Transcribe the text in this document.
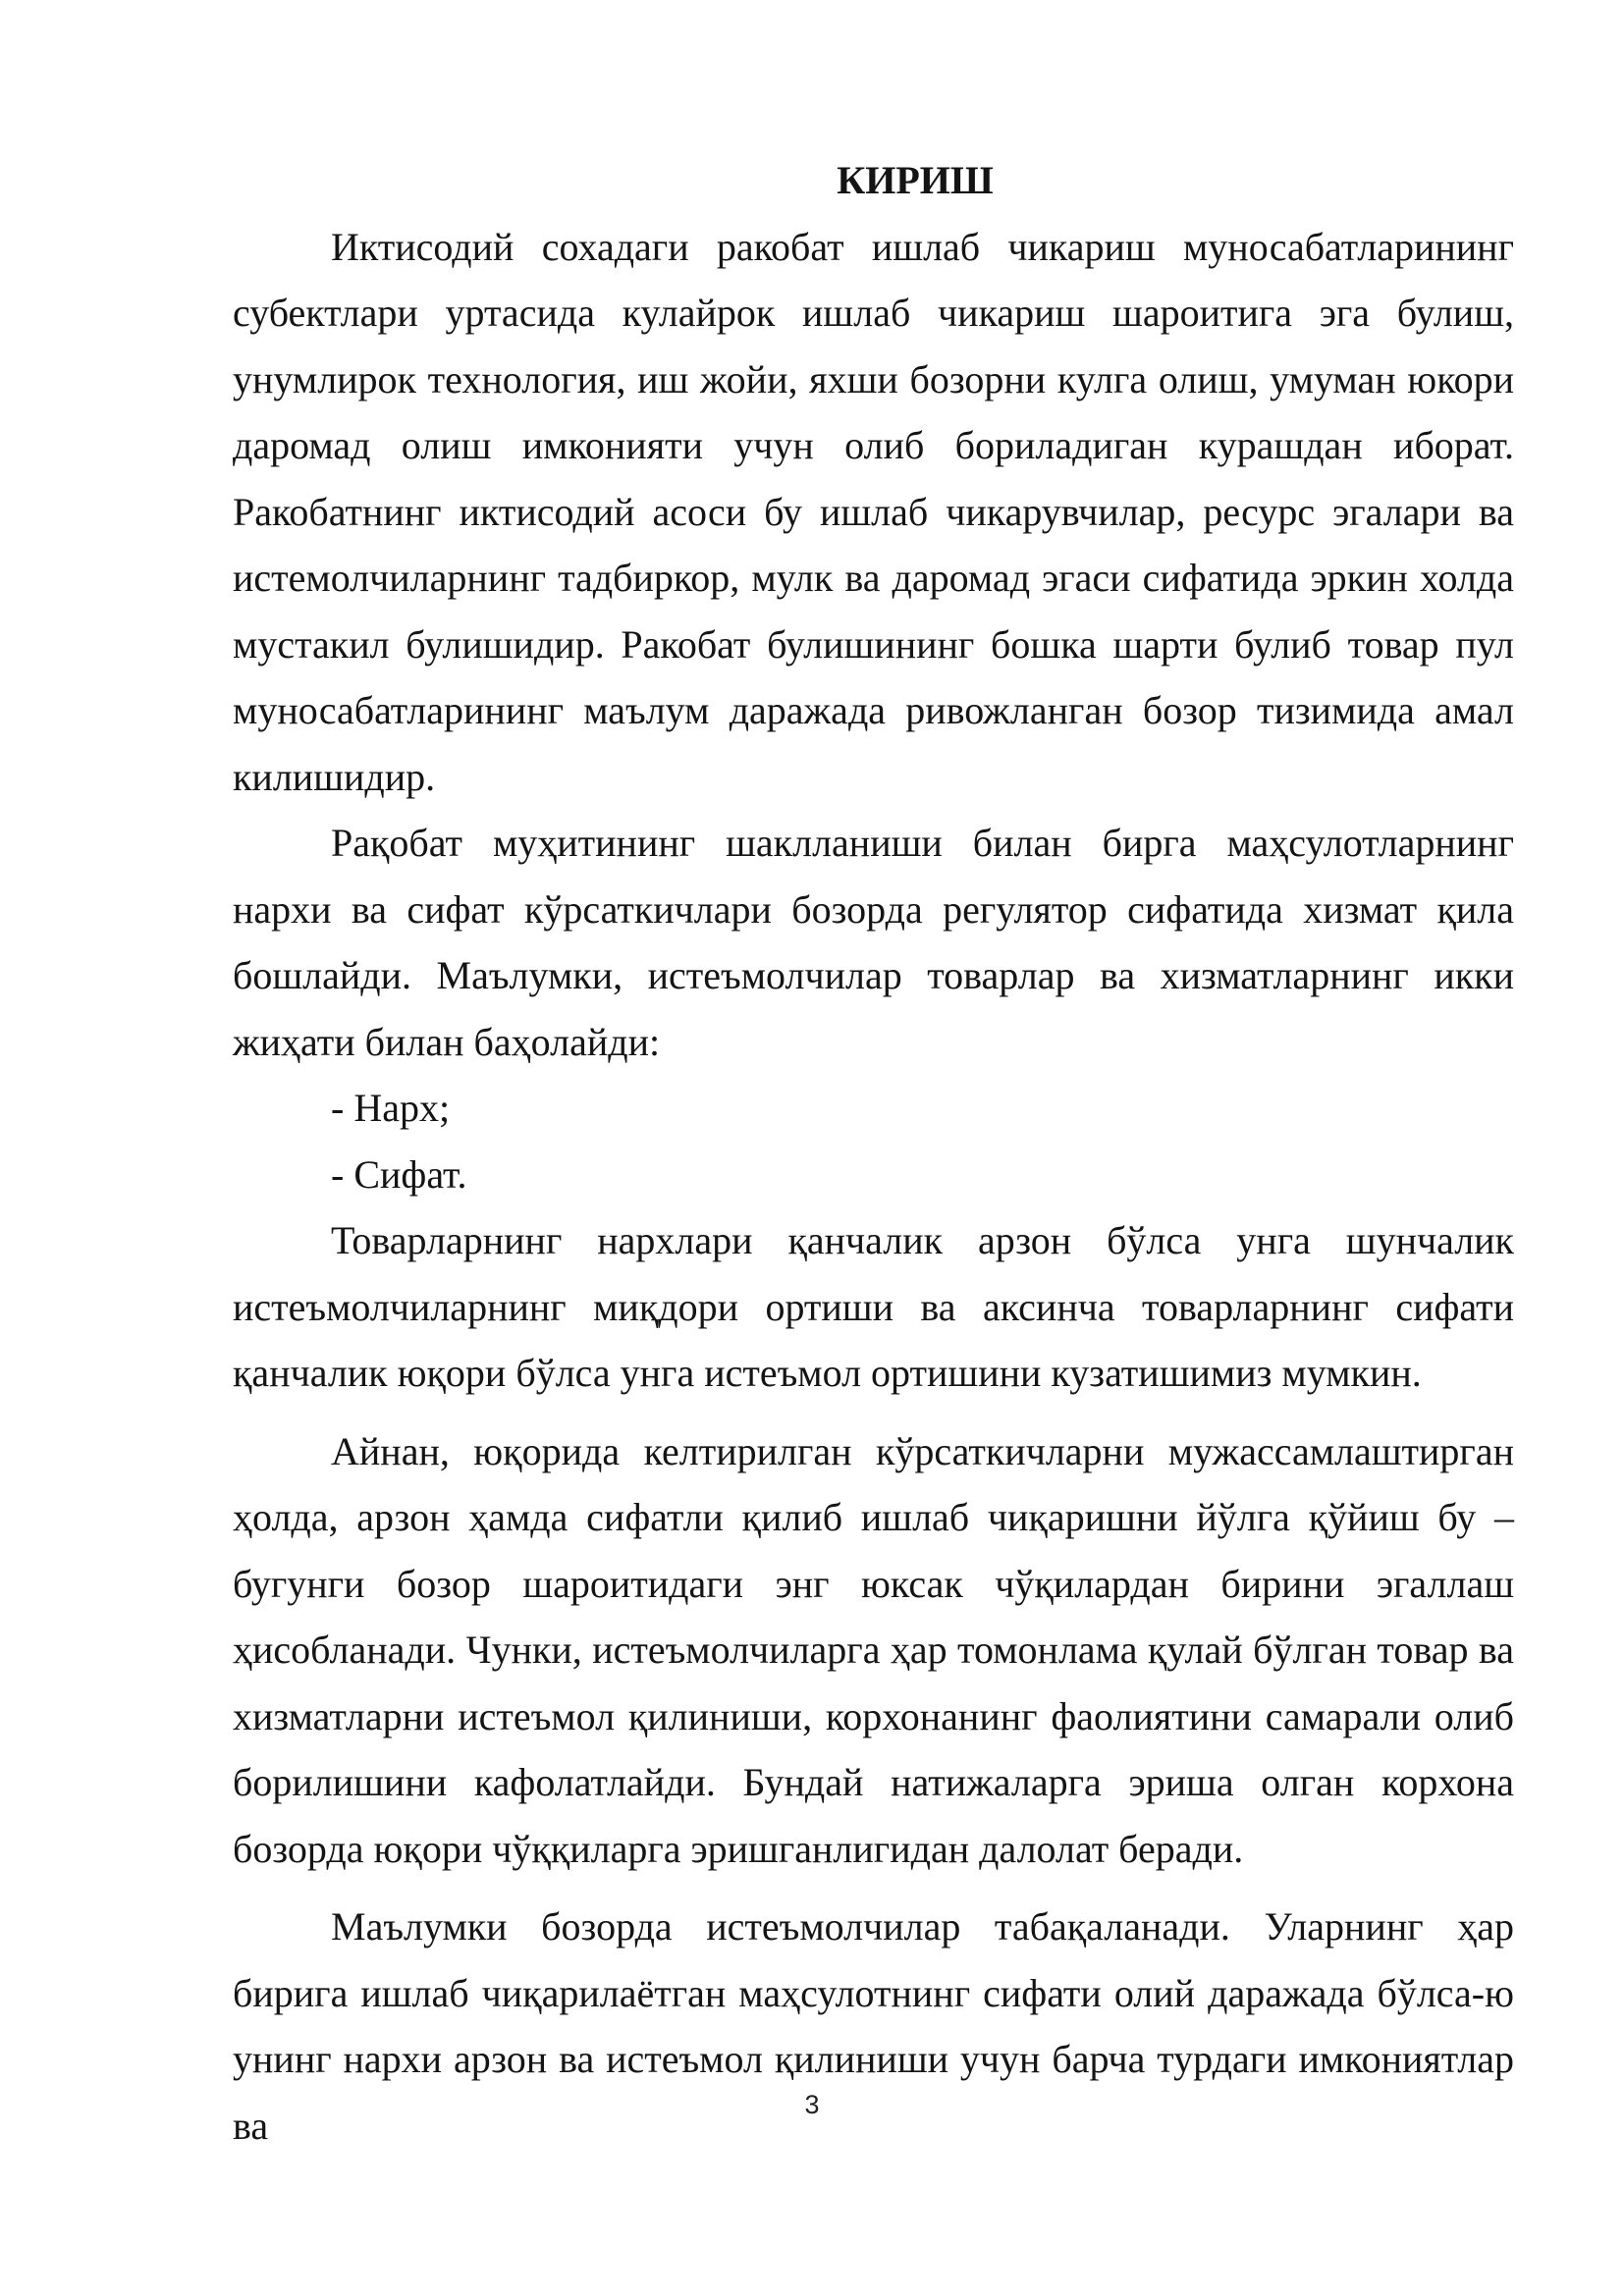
КИРИШ

Иктисодий сохадаги ракобат ишлаб чикариш муносабатларининг субектлари уртасида кулайрок ишлаб чикариш шароитига эга булиш, унумлирок технология, иш жойи, яхши бозорни кулга олиш, умуман юкори даромад олиш имконияти учун олиб бориладиган курашдан иборат. Ракобатнинг иктисодий асоси бу ишлаб чикарувчилар, ресурс эгалари ва истемолчиларнинг тадбиркор, мулк ва даромад эгаси сифатида эркин холда мустакил булишидир. Ракобат булишининг бошка шарти булиб товар пул муносабатларининг маълум даражада ривожланган бозор тизимида амал килишидир.

Рақобат муҳитининг шаклланиши билан бирга маҳсулотларнинг нархи ва сифат кўрсаткичлари бозорда регулятор сифатида хизмат қила бошлайди. Маълумки, истеъмолчилар товарлар ва хизматларнинг икки жиҳати билан баҳолайди:

- Нарх;

- Сифат.

Товарларнинг нархлари қанчалик арзон бўлса унга шунчалик истеъмолчиларнинг миқдори ортиши ва аксинча товарларнинг сифати қанчалик юқори бўлса унга истеъмол ортишини кузатишимиз мумкин.

Айнан, юқорида келтирилган кўрсаткичларни мужассамлаштирган ҳолда, арзон ҳамда сифатли қилиб ишлаб чиқаришни йўлга қўйиш бу – бугунги бозор шароитидаги энг юксак чўқилардан бирини эгаллаш ҳисобланади. Чунки, истеъмолчиларга ҳар томонлама қулай бўлган товар ва хизматларни истеъмол қилиниши, корхонанинг фаолиятини самарали олиб борилишини кафолатлайди. Бундай натижаларга эриша олган корхона бозорда юқори чўққиларга эришганлигидан далолат беради.

Маълумки бозорда истеъмолчилар табақаланади. Уларнинг ҳар бирига ишлаб чиқарилаётган маҳсулотнинг сифати олий даражада бўлса-ю унинг нархи арзон ва истеъмол қилиниши учун барча турдаги имкониятлар ва	3
